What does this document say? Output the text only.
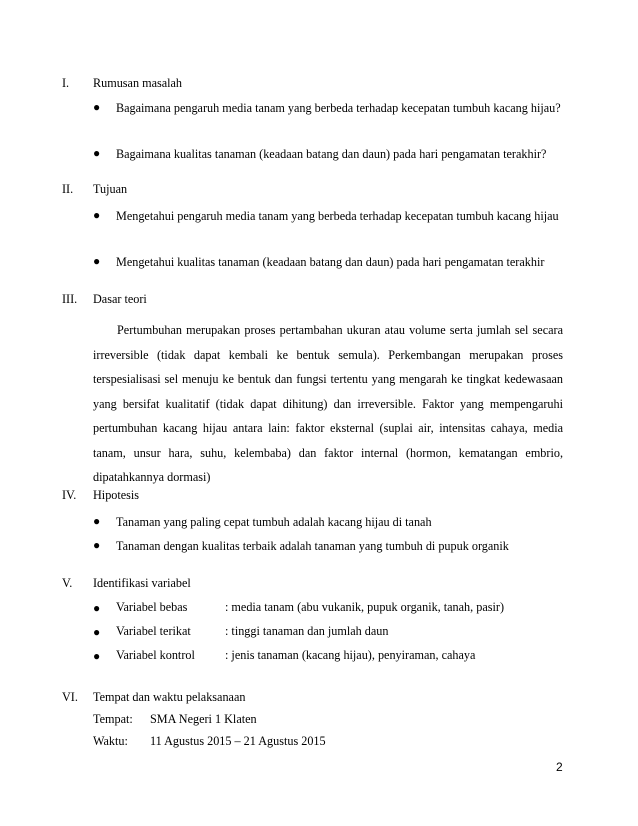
I.	Rumusan masalah
● Bagaimana pengaruh media tanam yang berbeda terhadap kecepatan tumbuh kacang hijau?
● Bagaimana kualitas tanaman (keadaan batang dan daun) pada hari pengamatan terakhir?
II.	Tujuan
● Mengetahui pengaruh media tanam yang berbeda terhadap kecepatan tumbuh kacang hijau
● Mengetahui kualitas tanaman (keadaan batang dan daun) pada hari pengamatan terakhir
III.	Dasar teori
Pertumbuhan merupakan proses pertambahan ukuran atau volume serta jumlah sel secara irreversible (tidak dapat kembali ke bentuk semula). Perkembangan merupakan proses terspesialisasi sel menuju ke bentuk dan fungsi tertentu yang mengarah ke tingkat kedewasaan yang bersifat kualitatif (tidak dapat dihitung) dan irreversible. Faktor yang mempengaruhi pertumbuhan kacang hijau antara lain: faktor eksternal (suplai air, intensitas cahaya, media tanam, unsur hara, suhu, kelembaba) dan faktor internal (hormon, kematangan embrio, dipatahkannya dormasi)
IV.	Hipotesis
● Tanaman yang paling cepat tumbuh adalah kacang hijau di tanah
● Tanaman dengan kualitas terbaik adalah tanaman yang tumbuh di pupuk organik
V.	Identifikasi variabel
● Variabel bebas	: media tanam (abu vukanik, pupuk organik, tanah, pasir)
● Variabel terikat	: tinggi tanaman dan jumlah daun
● Variabel kontrol : jenis tanaman (kacang hijau), penyiraman, cahaya
VI.	Tempat dan waktu pelaksanaan
Tempat: SMA Negeri 1 Klaten
Waktu: 11 Agustus 2015 – 21 Agustus 2015
2
